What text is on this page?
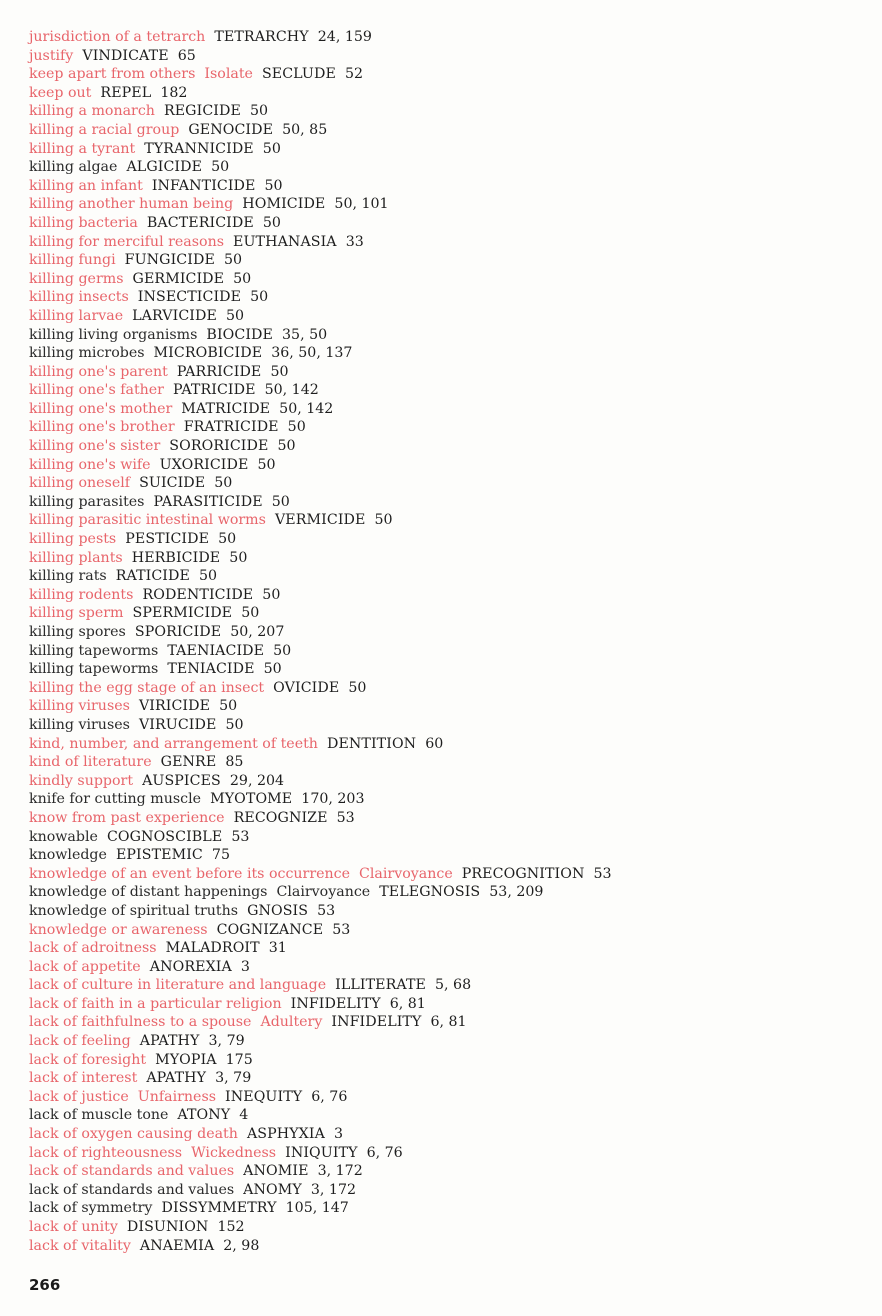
jurisdiction of a tetrarch TETRARCHY 24, 159
justify VINDICATE 65
keep apart from others Isolate SECLUDE 52
keep out REPEL 182
killing a monarch REGICIDE 50
killing a racial group GENOCIDE 50, 85
killing a tyrant TYRANNICIDE 50
killing algae ALGICIDE 50
killing an infant INFANTICIDE 50
killing another human being HOMICIDE 50, 101
killing bacteria BACTERICIDE 50
killing for merciful reasons EUTHANASIA 33
killing fungi FUNGICIDE 50
killing germs GERMICIDE 50
killing insects INSECTICIDE 50
killing larvae LARVICIDE 50
killing living organisms BIOCIDE 35, 50
killing microbes MICROBICIDE 36, 50, 137
killing one's parent PARRICIDE 50
killing one's father PATRICIDE 50, 142
killing one's mother MATRICIDE 50, 142
killing one's brother FRATRICIDE 50
killing one's sister SORORICIDE 50
killing one's wife UXORICIDE 50
killing oneself SUICIDE 50
killing parasites PARASITICIDE 50
killing parasitic intestinal worms VERMICIDE 50
killing pests PESTICIDE 50
killing plants HERBICIDE 50
killing rats RATICIDE 50
killing rodents RODENTICIDE 50
killing sperm SPERMICIDE 50
killing spores SPORICIDE 50, 207
killing tapeworms TAENIACIDE 50
killing tapeworms TENIACIDE 50
killing the egg stage of an insect OVICIDE 50
killing viruses VIRICIDE 50
killing viruses VIRUCIDE 50
kind, number, and arrangement of teeth DENTITION 60
kind of literature GENRE 85
kindly support AUSPICES 29, 204
knife for cutting muscle MYOTOME 170, 203
know from past experience RECOGNIZE 53
knowable COGNOSCIBLE 53
knowledge EPISTEMIC 75
knowledge of an event before its occurrence Clairvoyance PRECOGNITION 53
knowledge of distant happenings Clairvoyance TELEGNOSIS 53, 209
knowledge of spiritual truths GNOSIS 53
knowledge or awareness COGNIZANCE 53
lack of adroitness MALADROIT 31
lack of appetite ANOREXIA 3
lack of culture in literature and language ILLITERATE 5, 68
lack of faith in a particular religion INFIDELITY 6, 81
lack of faithfulness to a spouse Adultery INFIDELITY 6, 81
lack of feeling APATHY 3, 79
lack of foresight MYOPIA 175
lack of interest APATHY 3, 79
lack of justice Unfairness INEQUITY 6, 76
lack of muscle tone ATONY 4
lack of oxygen causing death ASPHYXIA 3
lack of righteousness Wickedness INIQUITY 6, 76
lack of standards and values ANOMIE 3, 172
lack of standards and values ANOMY 3, 172
lack of symmetry DISSYMMETRY 105, 147
lack of unity DISUNION 152
lack of vitality ANAEMIA 2, 98
266
